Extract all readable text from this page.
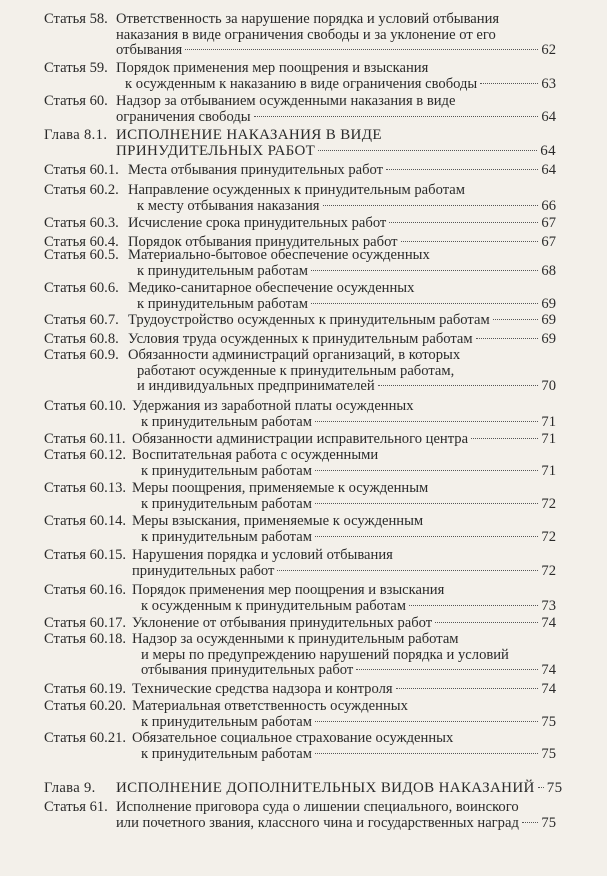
Статья 58. Ответственность за нарушение порядка и условий отбывания
наказания в виде ограничения свободы и за уклонение от его
отбывания	62
Статья 59. Порядок применения мер поощрения и взыскания
к осужденным к наказанию в виде ограничения свободы	63
Статья 60. Надзор за отбыванием осужденными наказания в виде
ограничения свободы	64
Глава 8.1. ИСПОЛНЕНИЕ НАКАЗАНИЯ В ВИДЕ
ПРИНУДИТЕЛЬНЫХ РАБОТ	64
Статья 60.1. Места отбывания принудительных работ	64
Статья 60.2. Направление осужденных к принудительным работам
к месту отбывания наказания	66
Статья 60.3. Исчисление срока принудительных работ	67
Статья 60.4. Порядок отбывания принудительных работ	67
Статья 60.5. Материально-бытовое обеспечение осужденных
к принудительным работам	68
Статья 60.6. Медико-санитарное обеспечение осужденных
к принудительным работам	69
Статья 60.7. Трудоустройство осужденных к принудительным работам	69
Статья 60.8. Условия труда осужденных к принудительным работам	69
Статья 60.9. Обязанности администраций организаций, в которых
работают осужденные к принудительным работам,
и индивидуальных предпринимателей	70
Статья 60.10. Удержания из заработной платы осужденных
к принудительным работам	71
Статья 60.11. Обязанности администрации исправительного центра	71
Статья 60.12. Воспитательная работа с осужденными
к принудительным работам	71
Статья 60.13. Меры поощрения, применяемые к осужденным
к принудительным работам	72
Статья 60.14. Меры взыскания, применяемые к осужденным
к принудительным работам	72
Статья 60.15. Нарушения порядка и условий отбывания
принудительных работ	72
Статья 60.16. Порядок применения мер поощрения и взыскания
к осужденным к принудительным работам	73
Статья 60.17. Уклонение от отбывания принудительных работ	74
Статья 60.18. Надзор за осужденными к принудительным работам
и меры по предупреждению нарушений порядка и условий
отбывания принудительных работ	74
Статья 60.19. Технические средства надзора и контроля	74
Статья 60.20. Материальная ответственность осужденных
к принудительным работам	75
Статья 60.21. Обязательное социальное страхование осужденных
к принудительным работам	75
Глава 9. ИСПОЛНЕНИЕ ДОПОЛНИТЕЛЬНЫХ ВИДОВ НАКАЗАНИЙ 75
Статья 61. Исполнение приговора суда о лишении специального, воинского
или почетного звания, классного чина и государственных наград 75
